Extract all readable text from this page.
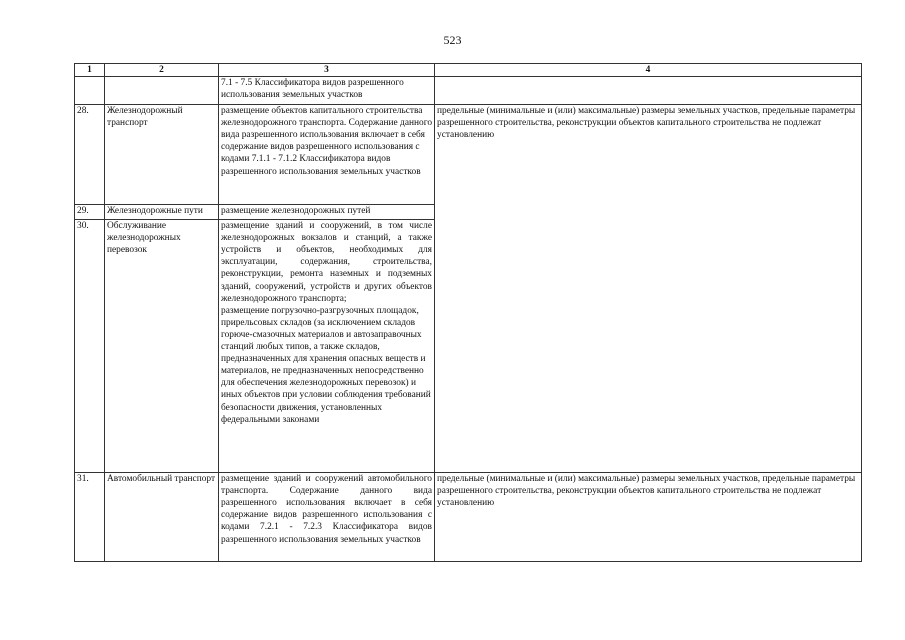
523
1	2	3	4
		7.1 - 7.5 Классификатора видов разрешенного использования земельных участков	
28.	Железнодорожный транспорт	размещение объектов капитального строительства железнодорожного транспорта. Содержание данного вида разрешенного использования включает в себя содержание видов разрешенного использования с кодами 7.1.1 - 7.1.2 Классификатора видов разрешенного использования земельных участков	предельные (минимальные и (или) максимальные) размеры земельных участков, предельные параметры разрешенного строительства, реконструкции объектов капитального строительства не подлежат установлению
29.	Железнодорожные пути	размещение железнодорожных путей	
30.	Обслуживание железнодорожных перевозок	размещение зданий и сооружений, в том числе железнодорожных вокзалов и станций, а также устройств и объектов, необходимых для эксплуатации, содержания, строительства, реконструкции, ремонта наземных и подземных зданий, сооружений, устройств и других объектов железнодорожного транспорта;
размещение погрузочно-разгрузочных площадок, прирельсовых складов (за исключением складов горюче-смазочных материалов и автозаправочных станций любых типов, а также складов, предназначенных для хранения опасных веществ и материалов, не предназначенных непосредственно для обеспечения железнодорожных перевозок) и иных объектов при условии соблюдения требований безопасности движения, установленных федеральными законами	

31.	Автомобильный транспорт	размещение зданий и сооружений автомобильного транспорта. Содержание данного вида разрешенного использования включает в себя содержание видов разрешенного использования с кодами 7.2.1 - 7.2.3 Классификатора видов разрешенного использования земельных участков	предельные (минимальные и (или) максимальные) размеры земельных участков, предельные параметры разрешенного строительства, реконструкции объектов капитального строительства не подлежат установлению
